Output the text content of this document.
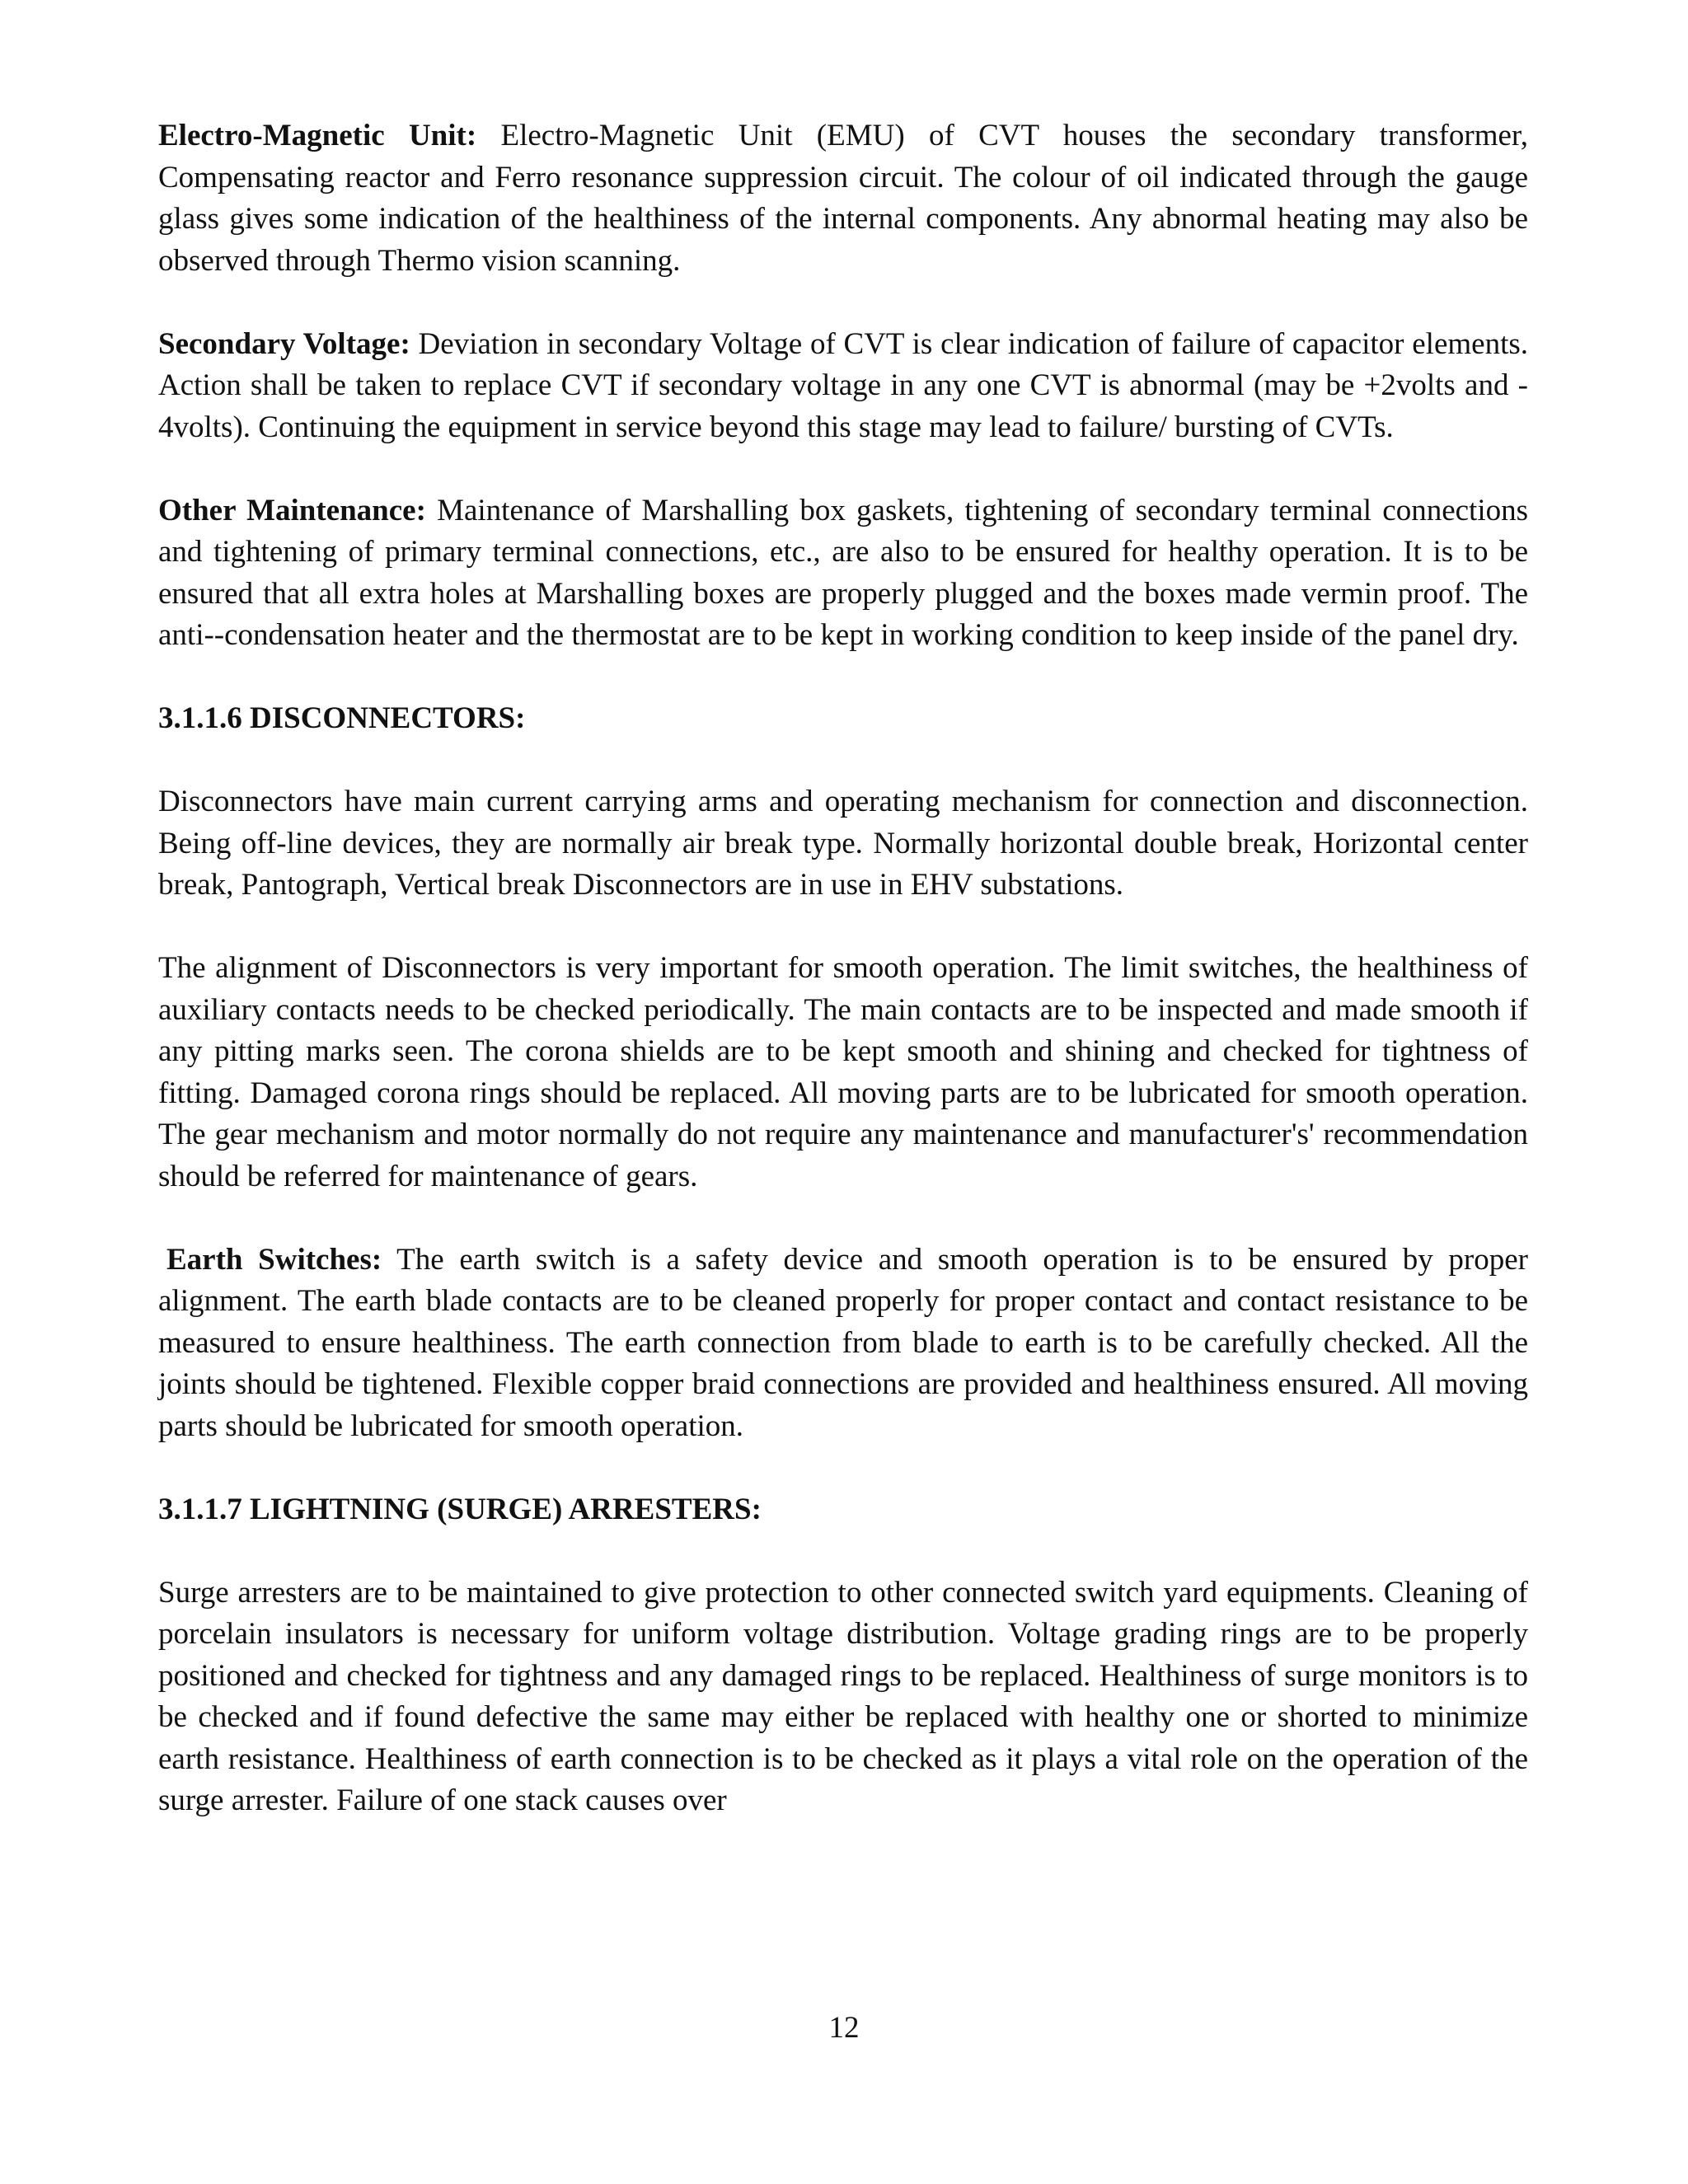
Electro-Magnetic Unit: Electro-Magnetic Unit (EMU) of CVT houses the secondary transformer, Compensating reactor and Ferro resonance suppression circuit. The colour of oil indicated through the gauge glass gives some indication of the healthiness of the internal components. Any abnormal heating may also be observed through Thermo vision scanning.

Secondary Voltage: Deviation in secondary Voltage of CVT is clear indication of failure of capacitor elements. Action shall be taken to replace CVT if secondary voltage in any one CVT is abnormal (may be +2volts and - 4volts). Continuing the equipment in service beyond this stage may lead to failure/ bursting of CVTs.

Other Maintenance: Maintenance of Marshalling box gaskets, tightening of secondary terminal connections and tightening of primary terminal connections, etc., are also to be ensured for healthy operation. It is to be ensured that all extra holes at Marshalling boxes are properly plugged and the boxes made vermin proof. The anti--condensation heater and the thermostat are to be kept in working condition to keep inside of the panel dry.

3.1.1.6 DISCONNECTORS:

Disconnectors have main current carrying arms and operating mechanism for connection and disconnection. Being off-line devices, they are normally air break type. Normally horizontal double break, Horizontal center break, Pantograph, Vertical break Disconnectors are in use in EHV substations.

The alignment of Disconnectors is very important for smooth operation. The limit switches, the healthiness of auxiliary contacts needs to be checked periodically. The main contacts are to be inspected and made smooth if any pitting marks seen. The corona shields are to be kept smooth and shining and checked for tightness of fitting. Damaged corona rings should be replaced. All moving parts are to be lubricated for smooth operation. The gear mechanism and motor normally do not require any maintenance and manufacturer's' recommendation should be referred for maintenance of gears.

Earth Switches: The earth switch is a safety device and smooth operation is to be ensured by proper alignment. The earth blade contacts are to be cleaned properly for proper contact and contact resistance to be measured to ensure healthiness. The earth connection from blade to earth is to be carefully checked. All the joints should be tightened. Flexible copper braid connections are provided and healthiness ensured. All moving parts should be lubricated for smooth operation.

3.1.1.7 LIGHTNING (SURGE) ARRESTERS:

Surge arresters are to be maintained to give protection to other connected switch yard equipments. Cleaning of porcelain insulators is necessary for uniform voltage distribution. Voltage grading rings are to be properly positioned and checked for tightness and any damaged rings to be replaced. Healthiness of surge monitors is to be checked and if found defective the same may either be replaced with healthy one or shorted to minimize earth resistance. Healthiness of earth connection is to be checked as it plays a vital role on the operation of the surge arrester. Failure of one stack causes over

12
